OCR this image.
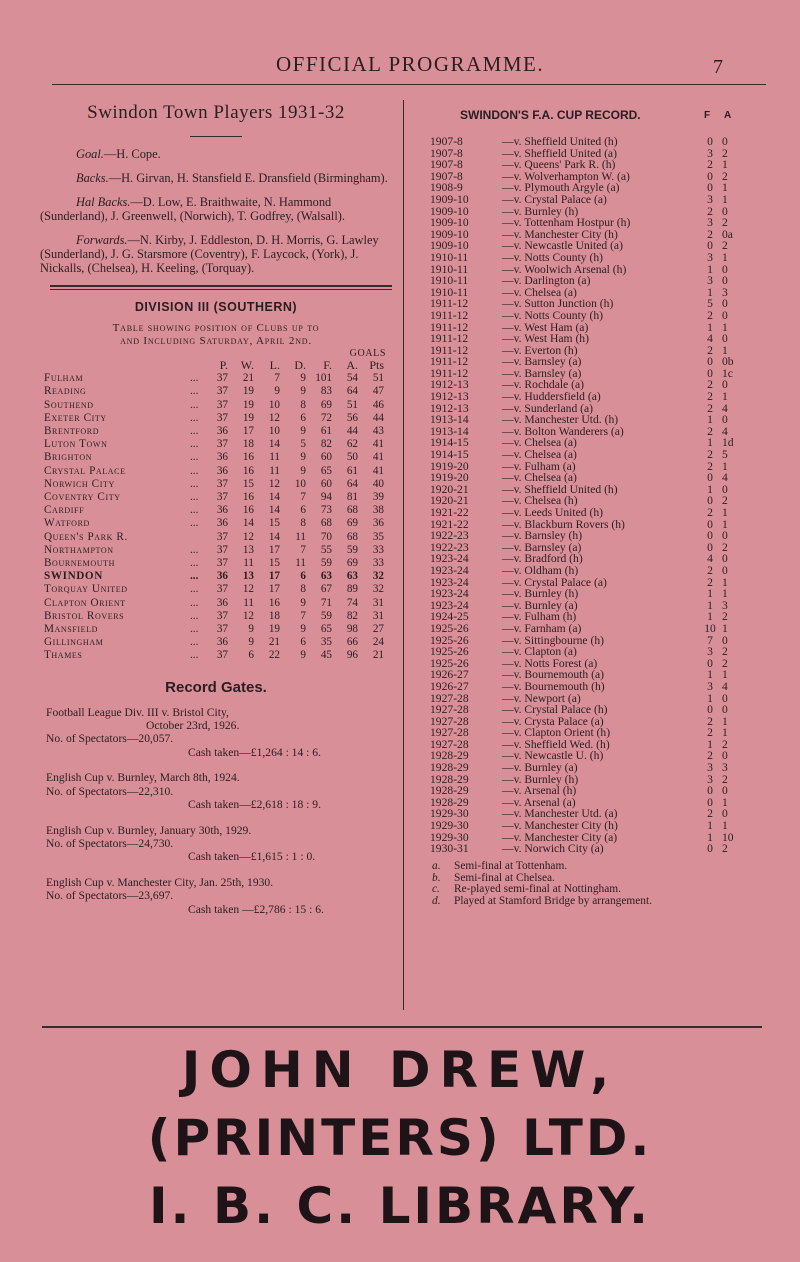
OFFICIAL PROGRAMME.	7
Swindon Town Players 1931-32

Goal.—H. Cope.

Backs.—H. Girvan, H. Stansfield E. Dransfield (Birmingham).

Hal Backs.—D. Low, E. Braithwaite, N. Hammond (Sunderland), J. Greenwell, (Norwich), T. Godfrey, (Walsall).

Forwards.—N. Kirby, J. Eddleston, D. H. Morris, G. Lawley (Sunderland), J. G. Starsmore (Coventry), F. Laycock, (York), J. Nickalls, (Chelsea), H. Keeling, (Torquay).

DIVISION III (SOUTHERN)
Table showing position of Clubs up to
and Including Saturday, April 2nd.
GOALS
		P.	W.	L.	D.	F.	A.	Pts
Fulham	...	37	21	7	9	101	54	51
Reading	...	37	19	9	9	83	64	47
Southend	...	37	19	10	8	69	51	46
Exeter City	...	37	19	12	6	72	56	44
Brentford	...	36	17	10	9	61	44	43
Luton Town	...	37	18	14	5	82	62	41
Brighton	...	36	16	11	9	60	50	41
Crystal Palace	...	36	16	11	9	65	61	41
Norwich City	...	37	15	12	10	60	64	40
Coventry City	...	37	16	14	7	94	81	39
Cardiff	...	36	16	14	6	73	68	38
Watford	...	36	14	15	8	68	69	36
Queen's Park R.		37	12	14	11	70	68	35
Northampton	...	37	13	17	7	55	59	33
Bournemouth	...	37	11	15	11	59	69	33
SWINDON	...	36	13	17	6	63	63	32
Torquay United	...	37	12	17	8	67	89	32
Clapton Orient	...	36	11	16	9	71	74	31
Bristol Rovers	...	37	12	18	7	59	82	31
Mansfield	...	37	9	19	9	65	98	27
Gillingham	...	36	9	21	6	35	66	24
Thames	...	37	6	22	9	45	96	21
Record Gates.
Football League Div. III v. Bristol City,
October 23rd, 1926.
No. of Spectators—20,057.
Cash taken—£1,264 : 14 : 6.
English Cup v. Burnley, March 8th, 1924.
No. of Spectators—22,310.
Cash taken—£2,618 : 18 : 9.
English Cup v. Burnley, January 30th, 1929.
No. of Spectators—24,730.
Cash taken—£1,615 : 1 : 0.
English Cup v. Manchester City, Jan. 25th, 1930.
No. of Spectators—23,697.
Cash taken —£2,786 : 15 : 6.
SWINDON'S F.A. CUP RECORD.	F A
1907-8	—v. Sheffield United (h)	0 0
1907-8	—v. Sheffield United (a)	3 2
1907-8	—v. Queens' Park R. (h)	2 1
1907-8	—v. Wolverhampton W. (a)	0 2
1908-9	—v. Plymouth Argyle (a)	0 1
1909-10	—v. Crystal Palace (a)	3 1
1909-10	—v. Burnley (h)	2 0
1909-10	—v. Tottenham Hostpur (h)	3 2
1909-10	—v. Manchester City (h)	2 0a
1909-10	—v. Newcastle United (a)	0 2
1910-11	—v. Notts County (h)	3 1
1910-11	—v. Woolwich Arsenal (h)	1 0
1910-11	—v. Darlington (a)	3 0
1910-11	—v. Chelsea (a)	1 3
1911-12	—v. Sutton Junction (h)	5 0
1911-12	—v. Notts County (h)	2 0
1911-12	—v. West Ham (a)	1 1
1911-12	—v. West Ham (h)	4 0
1911-12	—v. Everton (h)	2 1
1911-12	—v. Barnsley (a)	0 0b
1911-12	—v. Barnsley (a)	0 1c
1912-13	—v. Rochdale (a)	2 0
1912-13	—v. Huddersfield (a)	2 1
1912-13	—v. Sunderland (a)	2 4
1913-14	—v. Manchester Utd. (h)	1 0
1913-14	—v. Bolton Wanderers (a)	2 4
1914-15	—v. Chelsea (a)	1 1d
1914-15	—v. Chelsea (a)	2 5
1919-20	—v. Fulham (a)	2 1
1919-20	—v. Chelsea (a)	0 4
1920-21	—v. Sheffield United (h)	1 0
1920-21	—v. Chelsea (h)	0 2
1921-22	—v. Leeds United (h)	2 1
1921-22	—v. Blackburn Rovers (h)	0 1
1922-23	—v. Barnsley (h)	0 0
1922-23	—v. Barnsley (a)	0 2
1923-24	—v. Bradford (h)	4 0
1923-24	—v. Oldham (h)	2 0
1923-24	—v. Crystal Palace (a)	2 1
1923-24	—v. Burnley (h)	1 1
1923-24	—v. Burnley (a)	1 3
1924-25	—v. Fulham (h)	1 2
1925-26	—v. Farnham (a)	10 1
1925-26	—v. Sittingbourne (h)	7 0
1925-26	—v. Clapton (a)	3 2
1925-26	—v. Notts Forest (a)	0 2
1926-27	—v. Bournemouth (a)	1 1
1926-27	—v. Bournemouth (h)	3 4
1927-28	—v. Newport (a)	1 0
1927-28	—v. Crystal Palace (h)	0 0
1927-28	—v. Crysta Palace (a)	2 1
1927-28	—v. Clapton Orient (h)	2 1
1927-28	—v. Sheffield Wed. (h)	1 2
1928-29	—v. Newcastle U. (h)	2 0
1928-29	—v. Burnley (a)	3 3
1928-29	—v. Burnley (h)	3 2
1928-29	—v. Arsenal (h)	0 0
1928-29	—v. Arsenal (a)	0 1
1929-30	—v. Manchester Utd. (a)	2 0
1929-30	—v. Manchester City (h)	1 1
1929-30	—v. Manchester City (a)	1 10
1930-31	—v. Norwich City (a)	0 2
a. Semi-final at Tottenham.
b. Semi-final at Chelsea.
c. Re-played semi-final at Nottingham.
d. Played at Stamford Bridge by arrangement.
JOHN DREW,
(PRINTERS) LTD.
I. B. C. LIBRARY.
